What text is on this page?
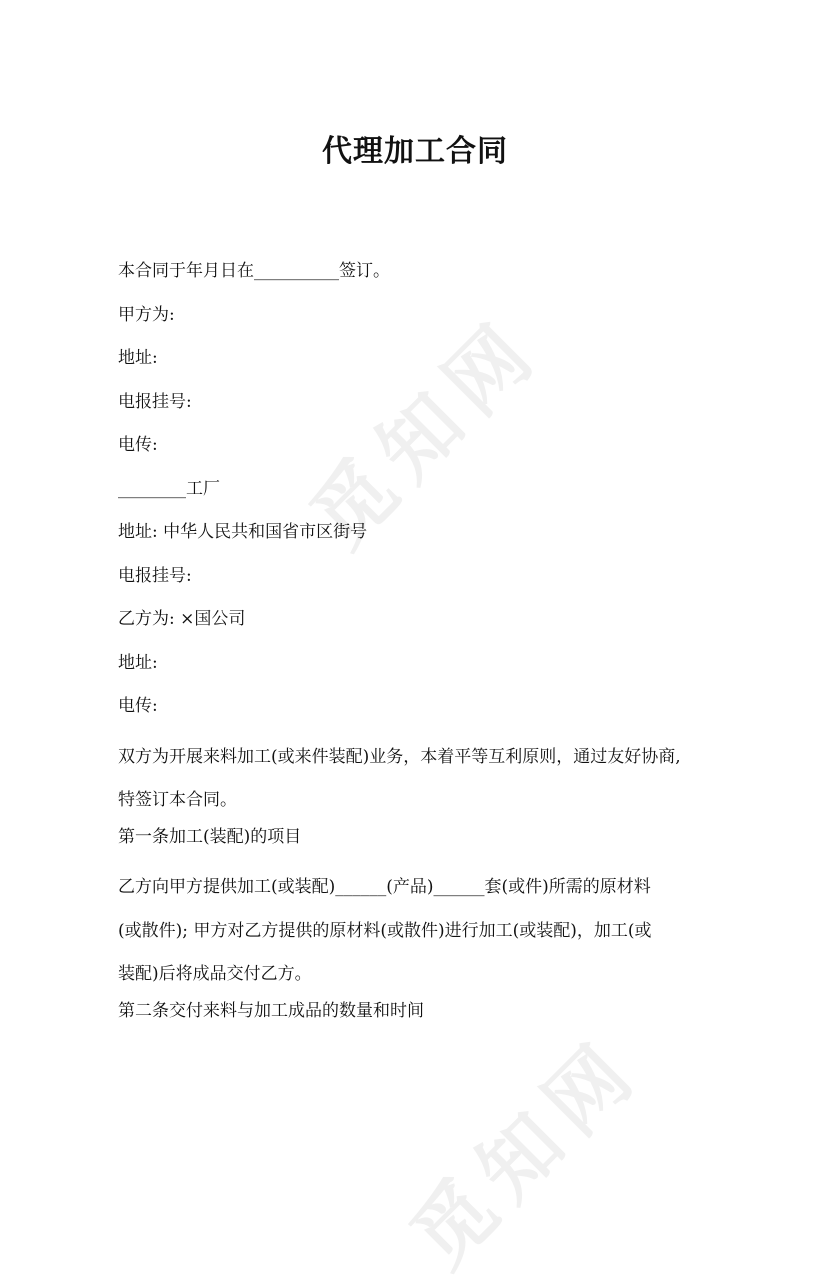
觅知网
觅知网
代理加工合同
本合同于年月日在__________签订。
甲方为:
地址:
电报挂号:
电传:
________工厂
地址: 中华人民共和国省市区街号
电报挂号:
乙方为: ×国公司
地址:
电传:
双方为开展来料加工(或来件装配)业务，本着平等互利原则，通过友好协商,
特签订本合同。
第一条加工(装配)的项目
乙方向甲方提供加工(或装配)______(产品)______套(或件)所需的原材料
(或散件); 甲方对乙方提供的原材料(或散件)进行加工(或装配)，加工(或
装配)后将成品交付乙方。
第二条交付来料与加工成品的数量和时间
